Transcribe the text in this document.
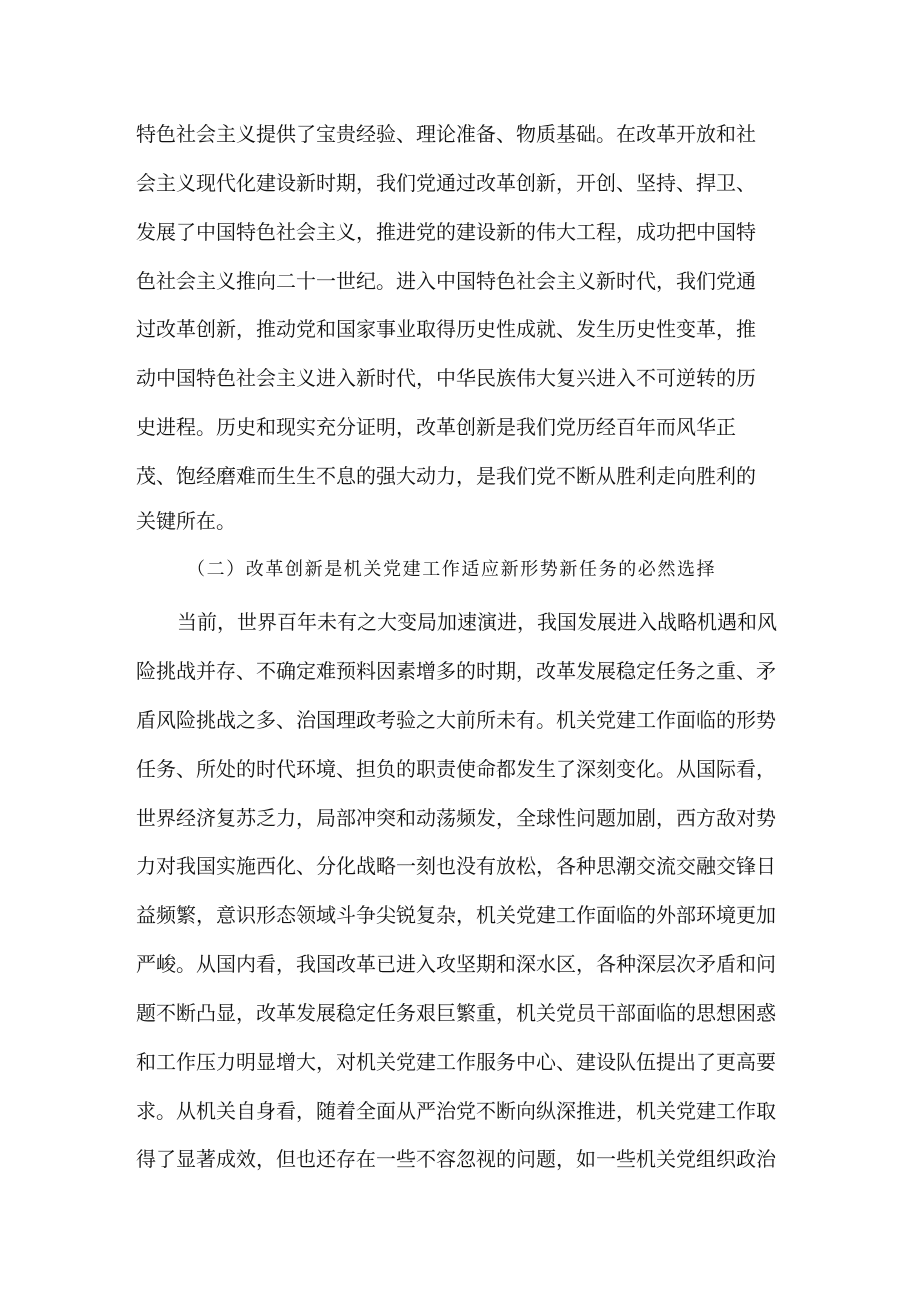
特色社会主义提供了宝贵经验、理论准备、物质基础。在改革开放和社
会主义现代化建设新时期，我们党通过改革创新，开创、坚持、捍卫、
发展了中国特色社会主义，推进党的建设新的伟大工程，成功把中国特
色社会主义推向二十一世纪。进入中国特色社会主义新时代，我们党通
过改革创新，推动党和国家事业取得历史性成就、发生历史性变革，推
动中国特色社会主义进入新时代，中华民族伟大复兴进入不可逆转的历
史进程。历史和现实充分证明，改革创新是我们党历经百年而风华正
茂、饱经磨难而生生不息的强大动力，是我们党不断从胜利走向胜利的
关键所在。
（二）改革创新是机关党建工作适应新形势新任务的必然选择
当前，世界百年未有之大变局加速演进，我国发展进入战略机遇和风
险挑战并存、不确定难预料因素增多的时期，改革发展稳定任务之重、矛
盾风险挑战之多、治国理政考验之大前所未有。机关党建工作面临的形势
任务、所处的时代环境、担负的职责使命都发生了深刻变化。从国际看，
世界经济复苏乏力，局部冲突和动荡频发，全球性问题加剧，西方敌对势
力对我国实施西化、分化战略一刻也没有放松，各种思潮交流交融交锋日
益频繁，意识形态领域斗争尖锐复杂，机关党建工作面临的外部环境更加
严峻。从国内看，我国改革已进入攻坚期和深水区，各种深层次矛盾和问
题不断凸显，改革发展稳定任务艰巨繁重，机关党员干部面临的思想困惑
和工作压力明显增大，对机关党建工作服务中心、建设队伍提出了更高要
求。从机关自身看，随着全面从严治党不断向纵深推进，机关党建工作取
得了显著成效，但也还存在一些不容忽视的问题，如一些机关党组织政治
